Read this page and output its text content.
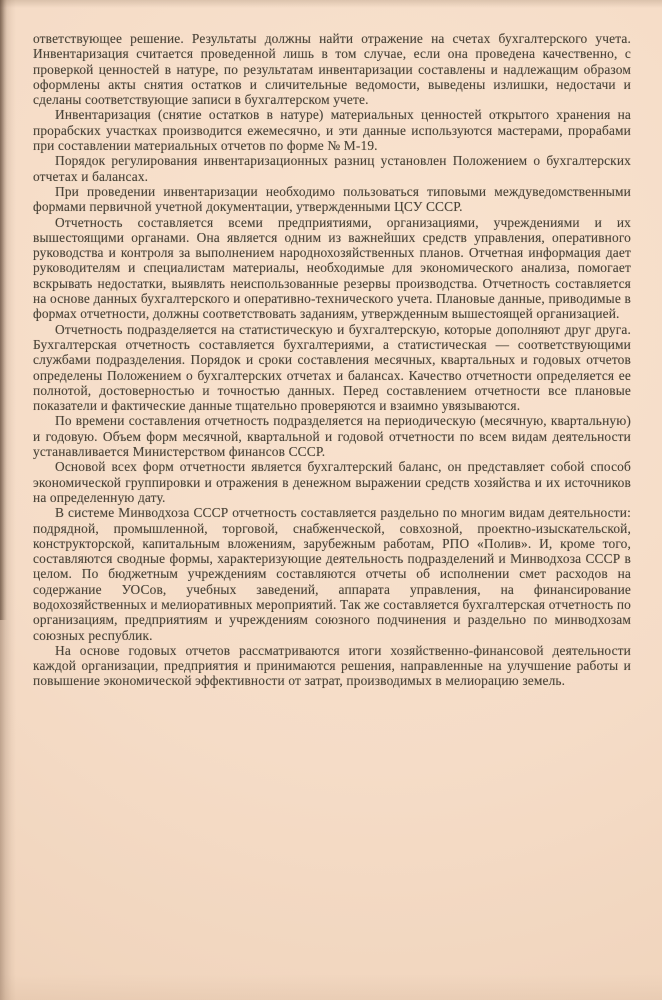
ответствующее решение. Результаты должны найти отражение на счетах бухгалтерского учета. Инвентаризация считается проведенной лишь в том случае, если она проведена качественно, с проверкой ценностей в натуре, по результатам инвентаризации составлены и надлежащим образом оформлены акты снятия остатков и сличительные ведомости, выведены излишки, недостачи и сделаны соответствующие записи в бухгалтерском учете.

Инвентаризация (снятие остатков в натуре) материальных ценностей открытого хранения на прорабских участках производится ежемесячно, и эти данные используются мастерами, прорабами при составлении материальных отчетов по форме № М-19.

Порядок регулирования инвентаризационных разниц установлен Положением о бухгалтерских отчетах и балансах.

При проведении инвентаризации необходимо пользоваться типовыми междуведомственными формами первичной учетной документации, утвержденными ЦСУ СССР.

Отчетность составляется всеми предприятиями, организациями, учреждениями и их вышестоящими органами. Она является одним из важнейших средств управления, оперативного руководства и контроля за выполнением народнохозяйственных планов. Отчетная информация дает руководителям и специалистам материалы, необходимые для экономического анализа, помогает вскрывать недостатки, выявлять неиспользованные резервы производства. Отчетность составляется на основе данных бухгалтерского и оперативно-технического учета. Плановые данные, приводимые в формах отчетности, должны соответствовать заданиям, утвержденным вышестоящей организацией.

Отчетность подразделяется на статистическую и бухгалтерскую, которые дополняют друг друга. Бухгалтерская отчетность составляется бухгалтериями, а статистическая — соответствующими службами подразделения. Порядок и сроки составления месячных, квартальных и годовых отчетов определены Положением о бухгалтерских отчетах и балансах. Качество отчетности определяется ее полнотой, достоверностью и точностью данных. Перед составлением отчетности все плановые показатели и фактические данные тщательно проверяются и взаимно увязываются.

По времени составления отчетность подразделяется на периодическую (месячную, квартальную) и годовую. Объем форм месячной, квартальной и годовой отчетности по всем видам деятельности устанавливается Министерством финансов СССР.

Основой всех форм отчетности является бухгалтерский баланс, он представляет собой способ экономической группировки и отражения в денежном выражении средств хозяйства и их источников на определенную дату.

В системе Минводхоза СССР отчетность составляется раздельно по многим видам деятельности: подрядной, промышленной, торговой, снабженческой, совхозной, проектно-изыскательской, конструкторской, капитальным вложениям, зарубежным работам, РПО «Полив». И, кроме того, составляются сводные формы, характеризующие деятельность подразделений и Минводхоза СССР в целом. По бюджетным учреждениям составляются отчеты об исполнении смет расходов на содержание УОСов, учебных заведений, аппарата управления, на финансирование водохозяйственных и мелиоративных мероприятий. Так же составляется бухгалтерская отчетность по организациям, предприятиям и учреждениям союзного подчинения и раздельно по минводхозам союзных республик.

На основе годовых отчетов рассматриваются итоги хозяйственно-финансовой деятельности каждой организации, предприятия и принимаются решения, направленные на улучшение работы и повышение экономической эффективности от затрат, производимых в мелиорацию земель.
